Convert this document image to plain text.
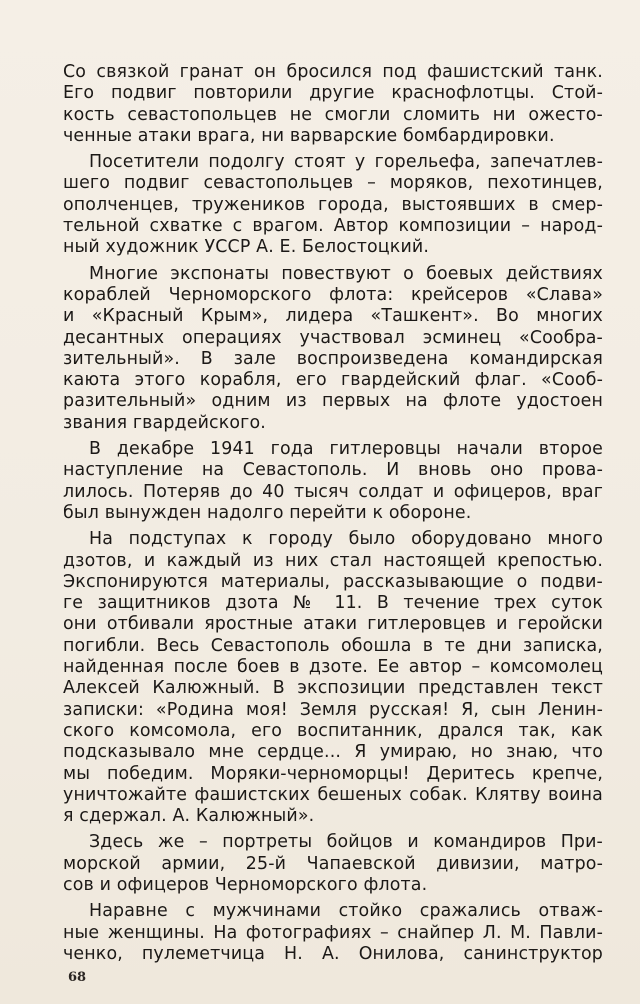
Со связкой гранат он бросился под фашистский танк.
Его подвиг повторили другие краснофлотцы. Стой-
кость севастопольцев не смогли сломить ни ожесто-
ченные атаки врага, ни варварские бомбардировки.
Посетители подолгу стоят у горельефа, запечатлев-
шего подвиг севастопольцев – моряков, пехотинцев,
ополченцев, тружеников города, выстоявших в смер-
тельной схватке с врагом. Автор композиции – народ-
ный художник УССР А. Е. Белостоцкий.
Многие экспонаты повествуют о боевых действиях
кораблей Черноморского флота: крейсеров «Слава»
и «Красный Крым», лидера «Ташкент». Во многих
десантных операциях участвовал эсминец «Сообра-
зительный». В зале воспроизведена командирская
каюта этого корабля, его гвардейский флаг. «Сооб-
разительный» одним из первых на флоте удостоен
звания гвардейского.
В декабре 1941 года гитлеровцы начали второе
наступление на Севастополь. И вновь оно прова-
лилось. Потеряв до 40 тысяч солдат и офицеров, враг
был вынужден надолго перейти к обороне.
На подступах к городу было оборудовано много
дзотов, и каждый из них стал настоящей крепостью.
Экспонируются материалы, рассказывающие о подви-
ге защитников дзота № 11. В течение трех суток
они отбивали яростные атаки гитлеровцев и геройски
погибли. Весь Севастополь обошла в те дни записка,
найденная после боев в дзоте. Ее автор – комсомолец
Алексей Калюжный. В экспозиции представлен текст
записки: «Родина моя! Земля русская! Я, сын Ленин-
ского комсомола, его воспитанник, дрался так, как
подсказывало мне сердце... Я умираю, но знаю, что
мы победим. Моряки-черноморцы! Деритесь крепче,
уничтожайте фашистских бешеных собак. Клятву воина
я сдержал. А. Калюжный».
Здесь же – портреты бойцов и командиров При-
морской армии, 25-й Чапаевской дивизии, матро-
сов и офицеров Черноморского флота.
Наравне с мужчинами стойко сражались отваж-
ные женщины. На фотографиях – снайпер Л. М. Павли-
ченко, пулеметчица Н. А. Онилова, санинструктор
68
